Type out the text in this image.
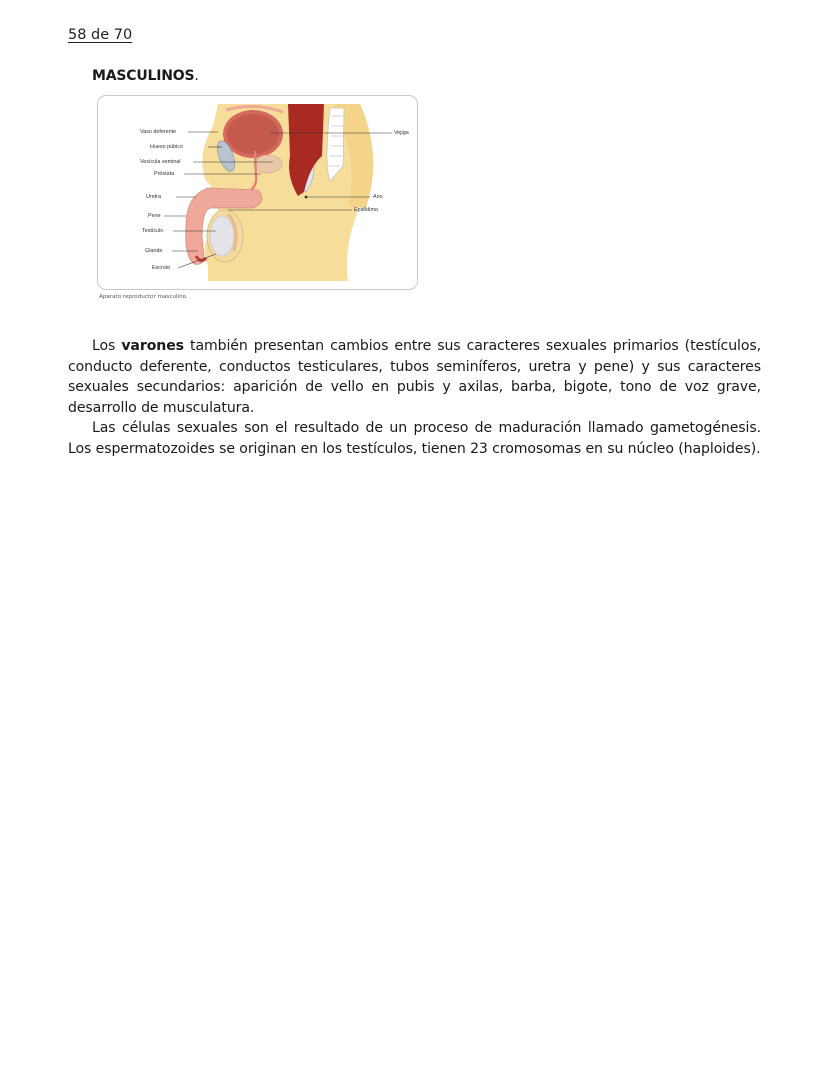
58 de 70
MASCULINOS.
Vaso deferente
Hueso púbico
Vesícula seminal
Próstata
Uretra
Pene
Testículo
Glande
Escroto
Vejiga
Ano
Epidídimo
Aparato reproductor masculino.

Los varones también presentan cambios entre sus caracteres sexuales primarios (testículos, conducto deferente, conductos testiculares, tubos seminíferos, uretra y pene) y sus caracteres sexuales secundarios: aparición de vello en pubis y axilas, barba, bigote, tono de voz grave, desarrollo de musculatura.

Las células sexuales son el resultado de un proceso de maduración llamado gametogénesis. Los espermatozoides se originan en los testículos, tienen 23 cromosomas en su núcleo (haploides).
